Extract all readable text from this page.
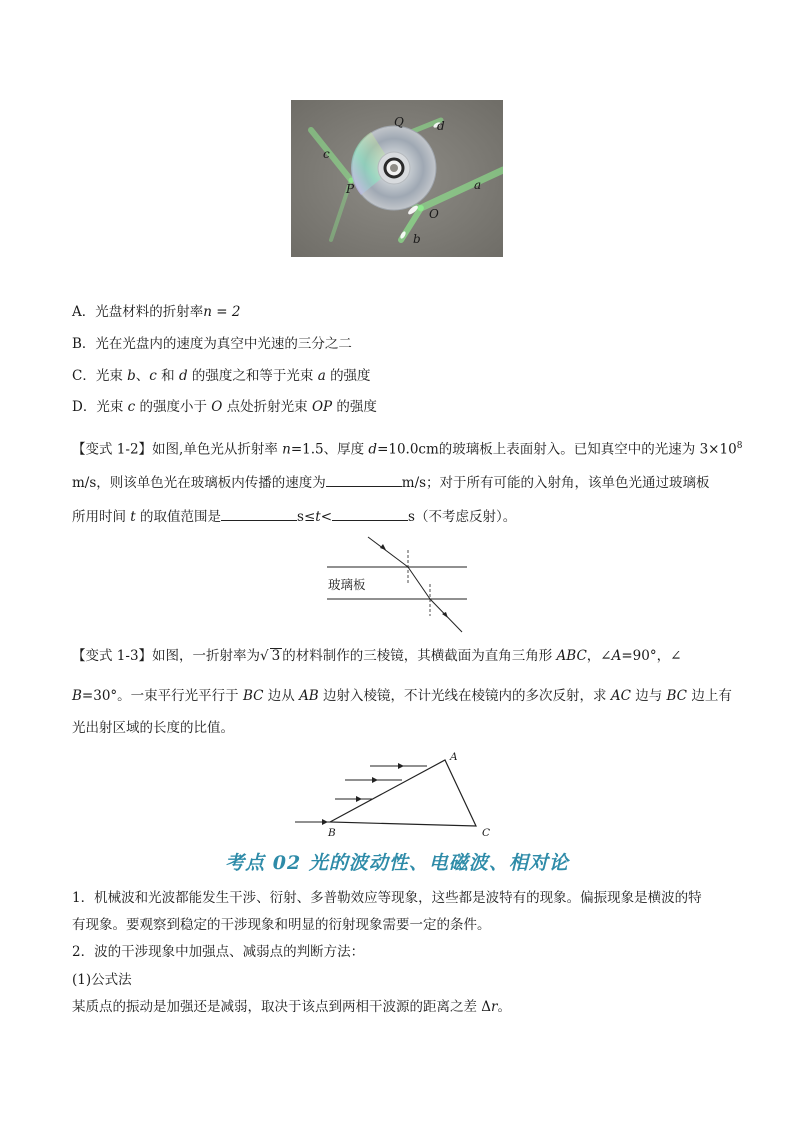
Q	d
c
P	a
O
b
A．光盘材料的折射率n = 2
B．光在光盘内的速度为真空中光速的三分之二
C．光束 b、c 和 d 的强度之和等于光束 a 的强度
D．光束 c 的强度小于 O 点处折射光束 OP 的强度
【变式 1-2】如图,单色光从折射率 n=1.5、厚度 d=10.0cm的玻璃板上表面射入。已知真空中的光速为 $3\times 10^8$
m/s，则该单色光在玻璃板内传播的速度为	m/s；对于所有可能的入射角，该单色光通过玻璃板
所用时间 t 的取值范围是	s≤t<	s（不考虑反射）。
玻璃板
【变式 1-3】如图，一折射率为√ 3 的材料制作的三棱镜，其横截面为直角三角形 ABC，∠A=90°，∠
B=30°。一束平行光平行于 BC 边从 AB 边射入棱镜，不计光线在棱镜内的多次反射，求 AC 边与 BC 边上有
光出射区域的长度的比值。
A
B	C
考点 02 光的波动性、电磁波、相对论
1．机械波和光波都能发生干涉、衍射、多普勒效应等现象，这些都是波特有的现象。偏振现象是横波的特
有现象。要观察到稳定的干涉现象和明显的衍射现象需要一定的条件。
2．波的干涉现象中加强点、减弱点的判断方法：
(1)公式法
某质点的振动是加强还是减弱，取决于该点到两相干波源的距离之差 Δr。
